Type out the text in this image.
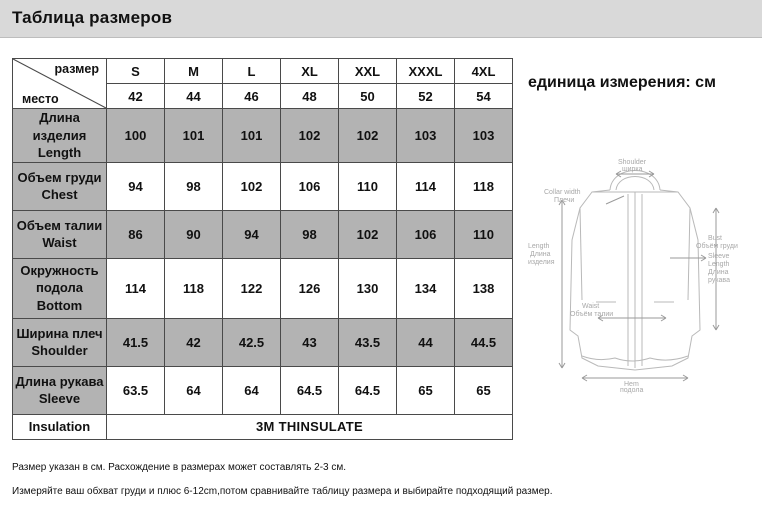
Таблица размеров
размер
место	S	M	L	XL	XXL	XXXL	4XL
	42	44	46	48	50	52	54

Длина изделия
Length	100	101	101	102	102	103	103

Объем груди
Chest	94	98	102	106	110	114	118

Объем талии
Waist	86	90	94	98	102	106	110

Окружность
подола
Bottom	114	118	122	126	130	134	138

Ширина плеч
Shoulder	41.5	42	42.5	43	43.5	44	44.5

Длина рукава
Sleeve	63.5	64	64	64.5	64.5	65	65
Insulation	3M THINSULATE						
единица измерения: см
Shoulder
ширка
Collar width
Плечи
Bust
Объём груди
Length
Длина
изделия
Sleeve
Length
Длина
рукава
Waist
Объём талии
Hem
подола
Размер указан в см. Расхождение в размерах может составлять 2-3 см.
Измеряйте ваш обхват груди и плюс 6-12cm,потом сравнивайте таблицу размера и выбирайте подходящий размер.
